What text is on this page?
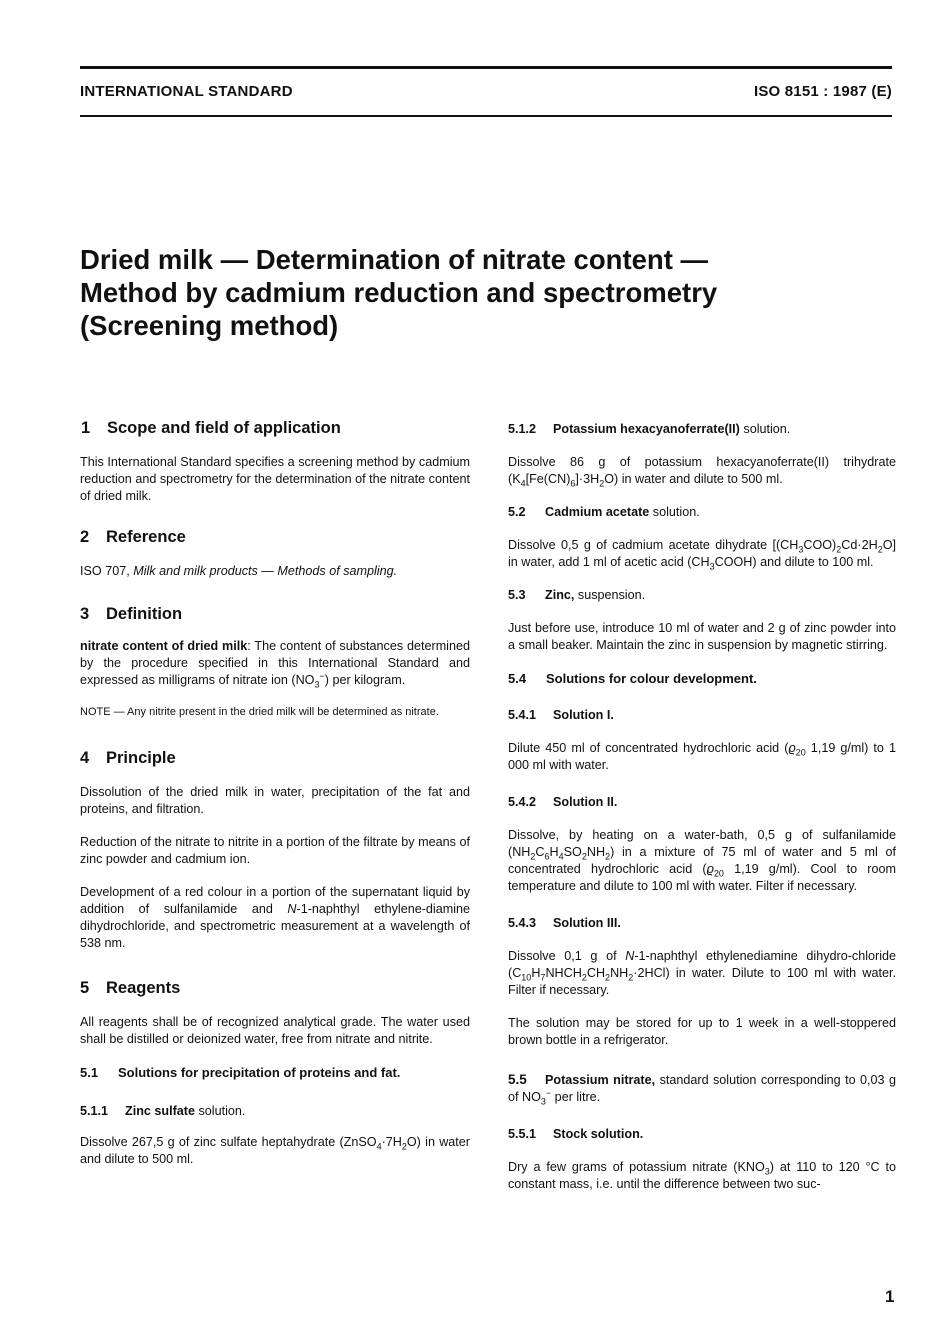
INTERNATIONAL STANDARD	ISO 8151 : 1987 (E)
Dried milk — Determination of nitrate content —
Method by cadmium reduction and spectrometry
(Screening method)

1 Scope and field of application

This International Standard specifies a screening method by cadmium reduction and spectrometry for the determination of the nitrate content of dried milk.

2 Reference

ISO 707, Milk and milk products — Methods of sampling.

3 Definition

nitrate content of dried milk: The content of substances determined by the procedure specified in this International Standard and expressed as milligrams of nitrate ion $(NO_3^-)$ per kilogram.

NOTE — Any nitrite present in the dried milk will be determined as nitrate.

4 Principle

Dissolution of the dried milk in water, precipitation of the fat and proteins, and filtration.

Reduction of the nitrate to nitrite in a portion of the filtrate by means of zinc powder and cadmium ion.

Development of a red colour in a portion of the supernatant liquid by addition of sulfanilamide and N-1-naphthyl ethylene-diamine dihydrochloride, and spectrometric measurement at a wavelength of 538 nm.

5 Reagents

All reagents shall be of recognized analytical grade. The water used shall be distilled or deionized water, free from nitrate and nitrite.

5.1 Solutions for precipitation of proteins and fat.

5.1.1 Zinc sulfate solution.

Dissolve 267,5 g of zinc sulfate heptahydrate $(ZnSO_4\cdot 7H_2O)$ in water and dilute to 500 ml.

5.1.2 Potassium hexacyanoferrate(II) solution.

Dissolve 86 g of potassium hexacyanoferrate(II) trihydrate $(K_4[Fe(CN)_6]\cdot 3H_2O)$ in water and dilute to 500 ml.

5.2 Cadmium acetate solution.

Dissolve 0,5 g of cadmium acetate dihydrate $[(CH_3COO)_2Cd\cdot 2H_2O]$ in water, add 1 ml of acetic acid $(CH_3COOH)$ and dilute to 100 ml.

5.3 Zinc, suspension.

Just before use, introduce 10 ml of water and 2 g of zinc powder into a small beaker. Maintain the zinc in suspension by magnetic stirring.

5.4 Solutions for colour development.

5.4.1 Solution I.

Dilute 450 ml of concentrated hydrochloric acid ($ϱ_{20}$ 1,19 g/ml) to 1 000 ml with water.

5.4.2 Solution II.

Dissolve, by heating on a water-bath, 0,5 g of sulfanilamide $(NH_2C_6H_4SO_2NH_2)$ in a mixture of 75 ml of water and 5 ml of concentrated hydrochloric acid ($ϱ_{20}$ 1,19 g/ml). Cool to room temperature and dilute to 100 ml with water. Filter if necessary.

5.4.3 Solution III.

Dissolve 0,1 g of N-1-naphthyl ethylenediamine dihydro-chloride $(C_{10}H_7NHCH_2CH_2NH_2\cdot 2HCl)$ in water. Dilute to 100 ml with water. Filter if necessary.

The solution may be stored for up to 1 week in a well-stoppered brown bottle in a refrigerator.

5.5 Potassium nitrate, standard solution corresponding to 0,03 g of $NO_3^-$ per litre.

5.5.1 Stock solution.

Dry a few grams of potassium nitrate $(KNO_3)$ at 110 to 120 °C to constant mass, i.e. until the difference between two suc-

1
